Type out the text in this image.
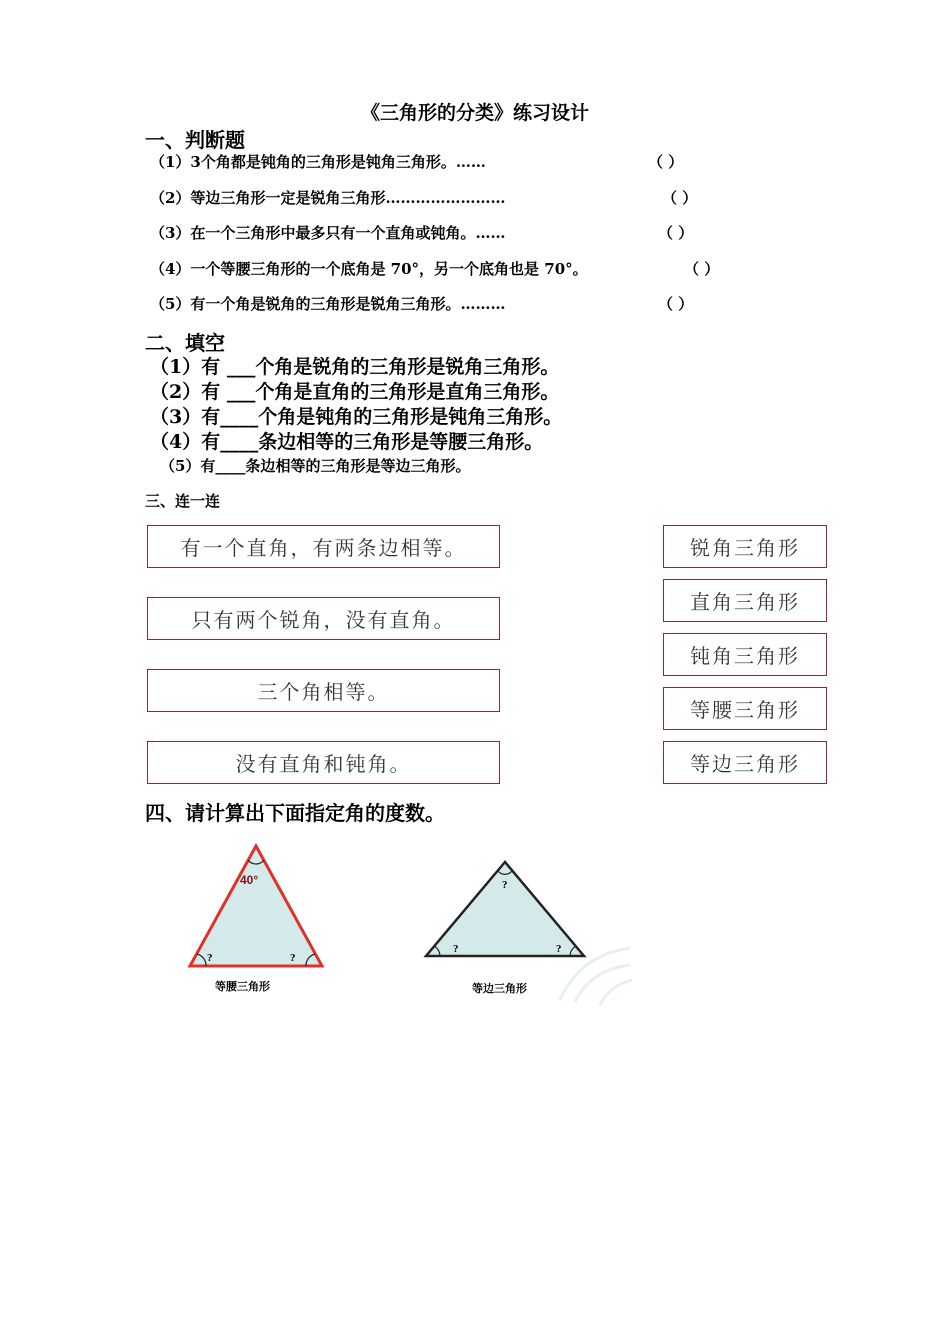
《三角形的分类》练习设计
一、判断题
（1）3个角都是钝角的三角形是钝角三角形。……	（ ）
（2）等边三角形一定是锐角三角形……………………	（ ）
（3）在一个三角形中最多只有一个直角或钝角。……	（ ）
（4）一个等腰三角形的一个底角是 70°，另一个底角也是 70°。	（ ）
（5）有一个角是锐角的三角形是锐角三角形。………	（ ）
二、填空
（1）有 ___个角是锐角的三角形是锐角三角形。
（2）有 ___个角是直角的三角形是直角三角形。
（3）有____个角是钝角的三角形是钝角三角形。
（4）有____条边相等的三角形是等腰三角形。
（5）有____条边相等的三角形是等边三角形。
三、连一连
有一个直角，有两条边相等。
只有两个锐角，没有直角。
三个角相等。
没有直角和钝角。
锐角三角形
直角三角形
钝角三角形
等腰三角形
等边三角形
四、请计算出下面指定角的度数。
40°
?	?
等腰三角形
?
?	?
等边三角形
